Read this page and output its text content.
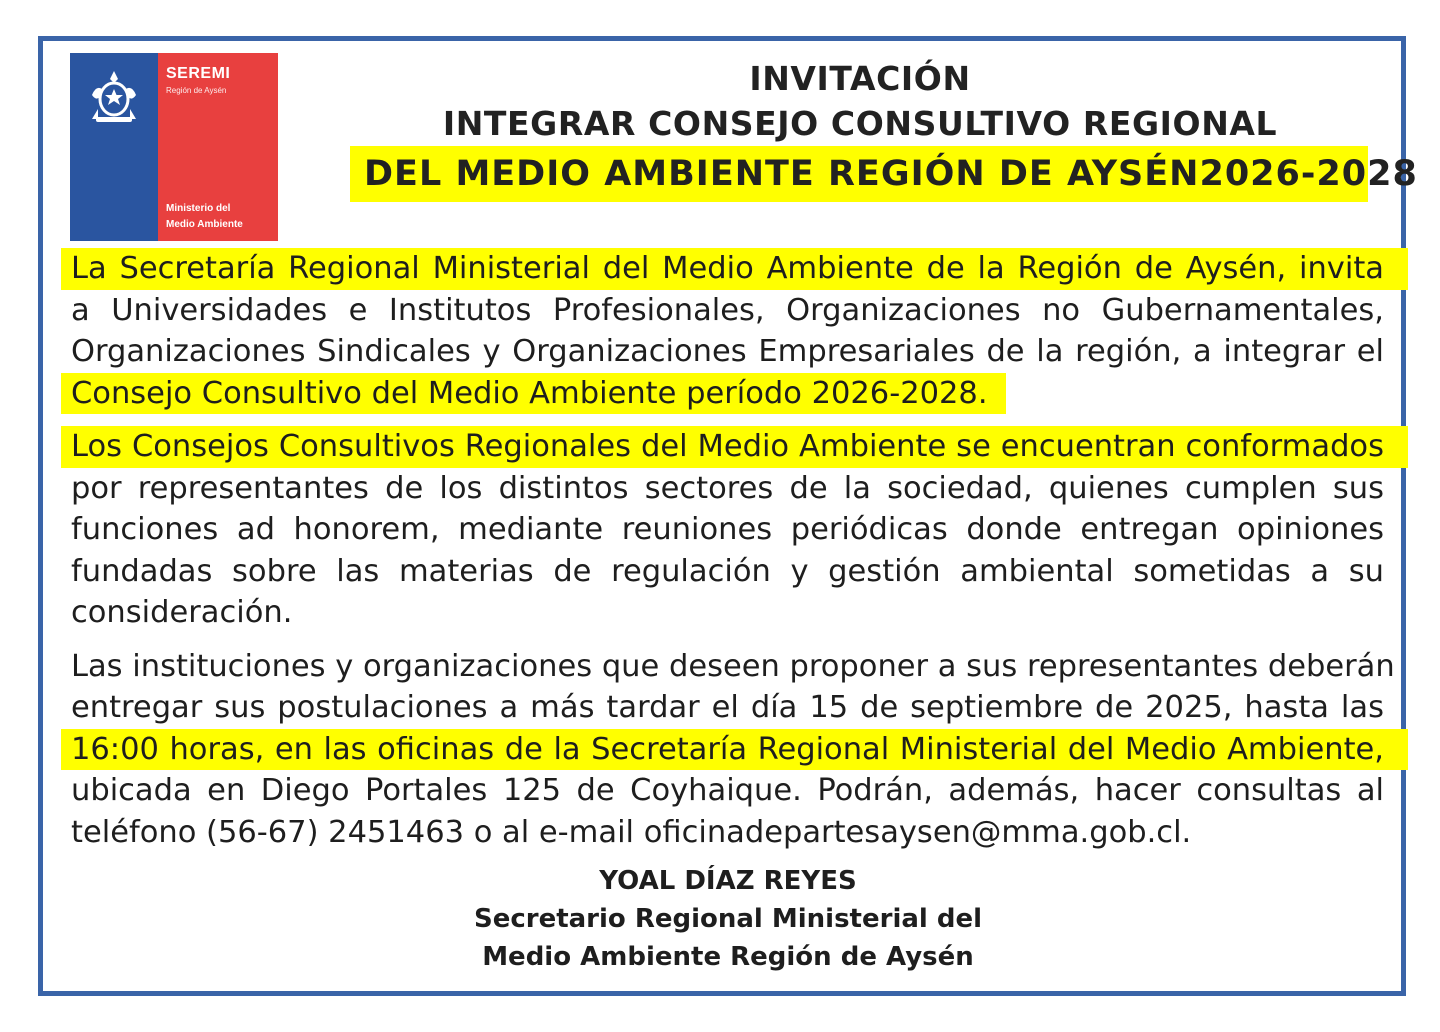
SEREMI
Región de Aysén
Ministerio del
Medio Ambiente
INVITACIÓN
INTEGRAR CONSEJO CONSULTIVO REGIONAL
DEL MEDIO AMBIENTE REGIÓN DE AYSÉN2026-2028
La Secretaría Regional Ministerial del Medio Ambiente de la Región de Aysén, invita
a Universidades e Institutos Profesionales, Organizaciones no Gubernamentales,
Organizaciones Sindicales y Organizaciones Empresariales de la región, a integrar el
Consejo Consultivo del Medio Ambiente período 2026-2028.
Los Consejos Consultivos Regionales del Medio Ambiente se encuentran conformados
por representantes de los distintos sectores de la sociedad, quienes cumplen sus
funciones ad honorem, mediante reuniones periódicas donde entregan opiniones
fundadas sobre las materias de regulación y gestión ambiental sometidas a su
consideración.
Las instituciones y organizaciones que deseen proponer a sus representantes deberán
entregar sus postulaciones a más tardar el día 15 de septiembre de 2025, hasta las
16:00 horas, en las oficinas de la Secretaría Regional Ministerial del Medio Ambiente,
ubicada en Diego Portales 125 de Coyhaique. Podrán, además, hacer consultas al
teléfono (56-67) 2451463 o al e-mail oficinadepartesaysen@mma.gob.cl.
YOAL DÍAZ REYES
Secretario Regional Ministerial del
Medio Ambiente Región de Aysén
